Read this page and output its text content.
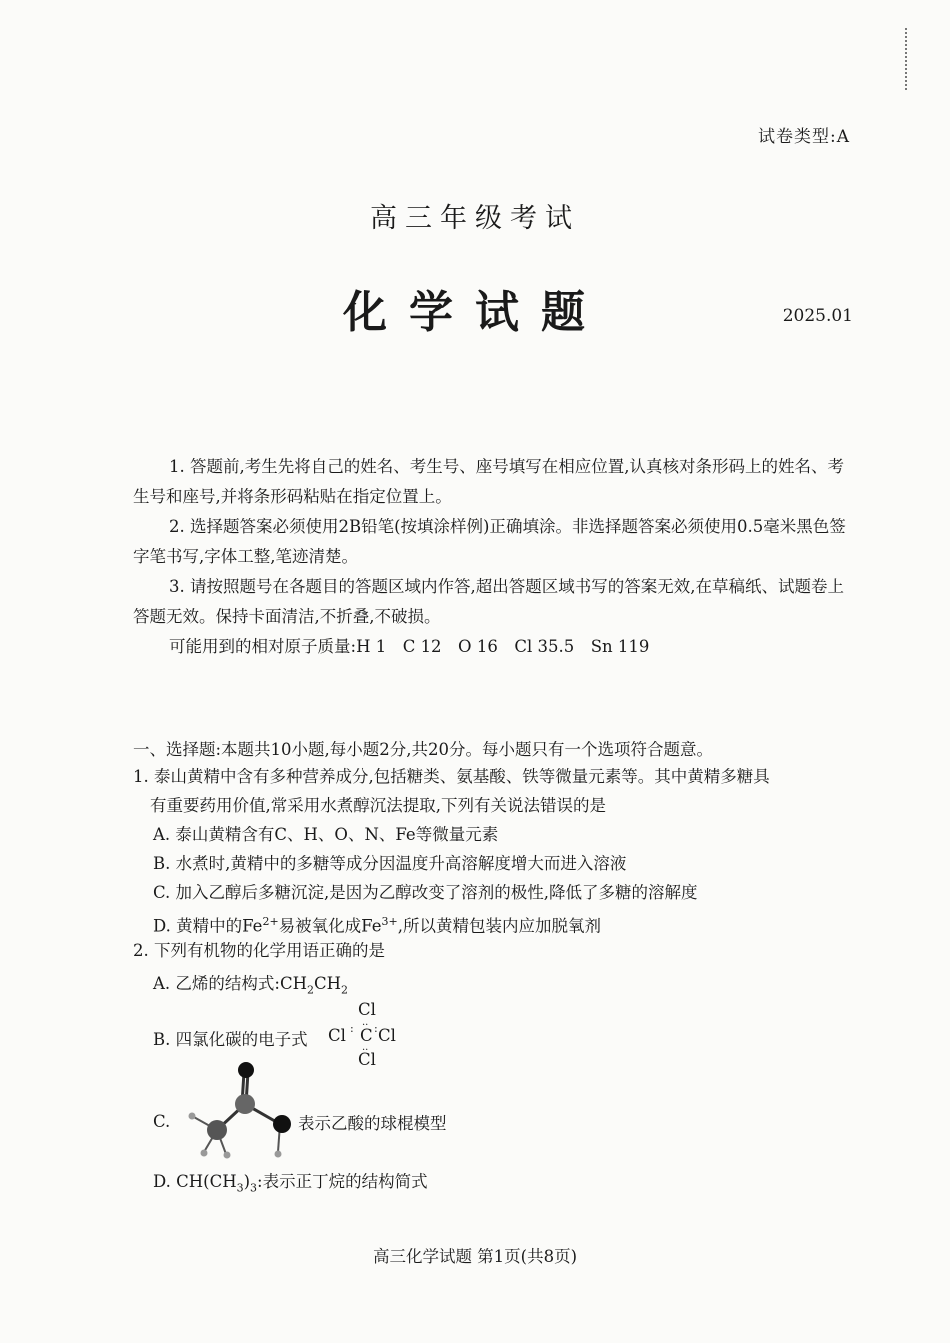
试卷类型:A
高三年级考试
化学试题	2025.01

1. 答题前,考生先将自己的姓名、考生号、座号填写在相应位置,认真核对条形码上的姓名、考生号和座号,并将条形码粘贴在指定位置上。

2. 选择题答案必须使用2B铅笔(按填涂样例)正确填涂。非选择题答案必须使用0.5毫米黑色签字笔书写,字体工整,笔迹清楚。

3. 请按照题号在各题目的答题区域内作答,超出答题区域书写的答案无效,在草稿纸、试题卷上答题无效。保持卡面清洁,不折叠,不破损。

可能用到的相对原子质量:H 1　C 12　O 16　Cl 35.5　Sn 119

一、选择题:本题共10小题,每小题2分,共20分。每小题只有一个选项符合题意。

1. 泰山黄精中含有多种营养成分,包括糖类、氨基酸、铁等微量元素等。其中黄精多糖具

有重要药用价值,常采用水煮醇沉法提取,下列有关说法错误的是

A. 泰山黄精含有C、H、O、N、Fe等微量元素

B. 水煮时,黄精中的多糖等成分因温度升高溶解度增大而进入溶液

C. 加入乙醇后多糖沉淀,是因为乙醇改变了溶剂的极性,降低了多糖的溶解度

D. 黄精中的$Fe^{2+}$易被氧化成$Fe^{3+}$,所以黄精包装内应加脱氧剂

2. 下列有机物的化学用语正确的是

A. 乙烯的结构式$:CH_2CH_2$
B. 四氯化碳的电子式
Cl
Cl : C : Cl
..
..
Cl
C.	表示乙酸的球棍模型
D. $CH(CH_3)_3$:表示正丁烷的结构简式
高三化学试题 第1页(共8页)
